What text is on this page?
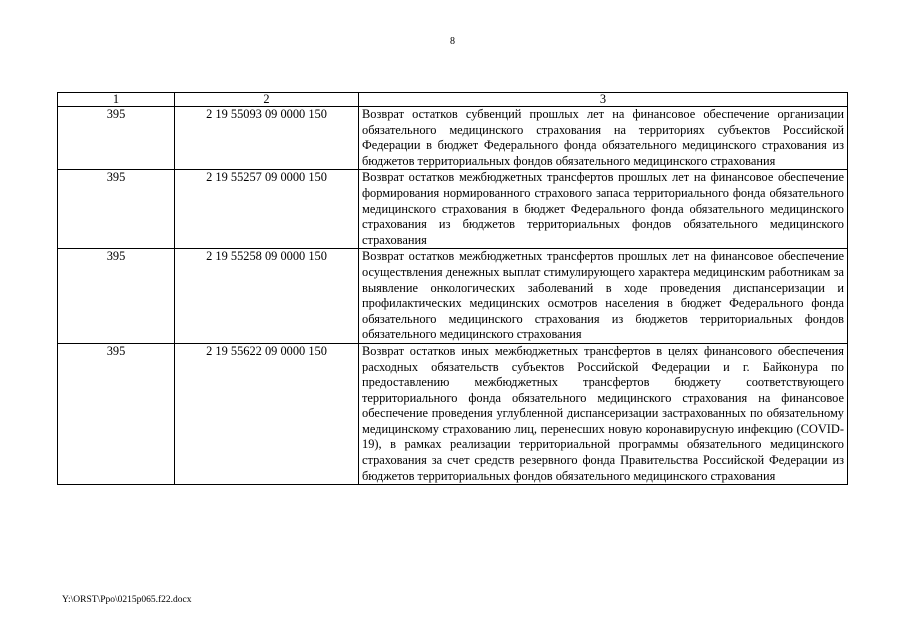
8
1	2	3
395	2 19 55093 09 0000 150	Возврат остатков субвенций прошлых лет на финансовое обеспечение организации обязательного медицинского страхования на территориях субъектов Российской Федерации в бюджет Федерального фонда обязательного медицинского страхования из бюджетов территориальных фондов обязательного медицинского страхования
395	2 19 55257 09 0000 150	Возврат остатков межбюджетных трансфертов прошлых лет на финансовое обеспечение формирования нормированного страхового запаса территориального фонда обязательного медицинского страхования в бюджет Федерального фонда обязательного медицинского страхования из бюджетов территориальных фондов обязательного медицинского страхования
395	2 19 55258 09 0000 150	Возврат остатков межбюджетных трансфертов прошлых лет на финансовое обеспечение осуществления денежных выплат стимулирующего характера медицинским работникам за выявление онкологических заболеваний в ходе проведения диспансеризации и профилактических медицинских осмотров населения в бюджет Федерального фонда обязательного медицинского страхования из бюджетов территориальных фондов обязательного медицинского страхования
395	2 19 55622 09 0000 150	Возврат остатков иных межбюджетных трансфертов в целях финансового обеспечения расходных обязательств субъектов Российской Федерации и г. Байконура по предоставлению межбюджетных трансфертов бюджету соответствующего территориального фонда обязательного медицинского страхования на финансовое обеспечение проведения углубленной диспансеризации застрахованных по обязательному медицинскому страхованию лиц, перенесших новую коронавирусную инфекцию (COVID-19), в рамках реализации территориальной программы обязательного медицинского страхования за счет средств резервного фонда Правительства Российской Федерации из бюджетов территориальных фондов обязательного медицинского страхования
Y:\ORST\Ppo\0215p065.f22.docx
